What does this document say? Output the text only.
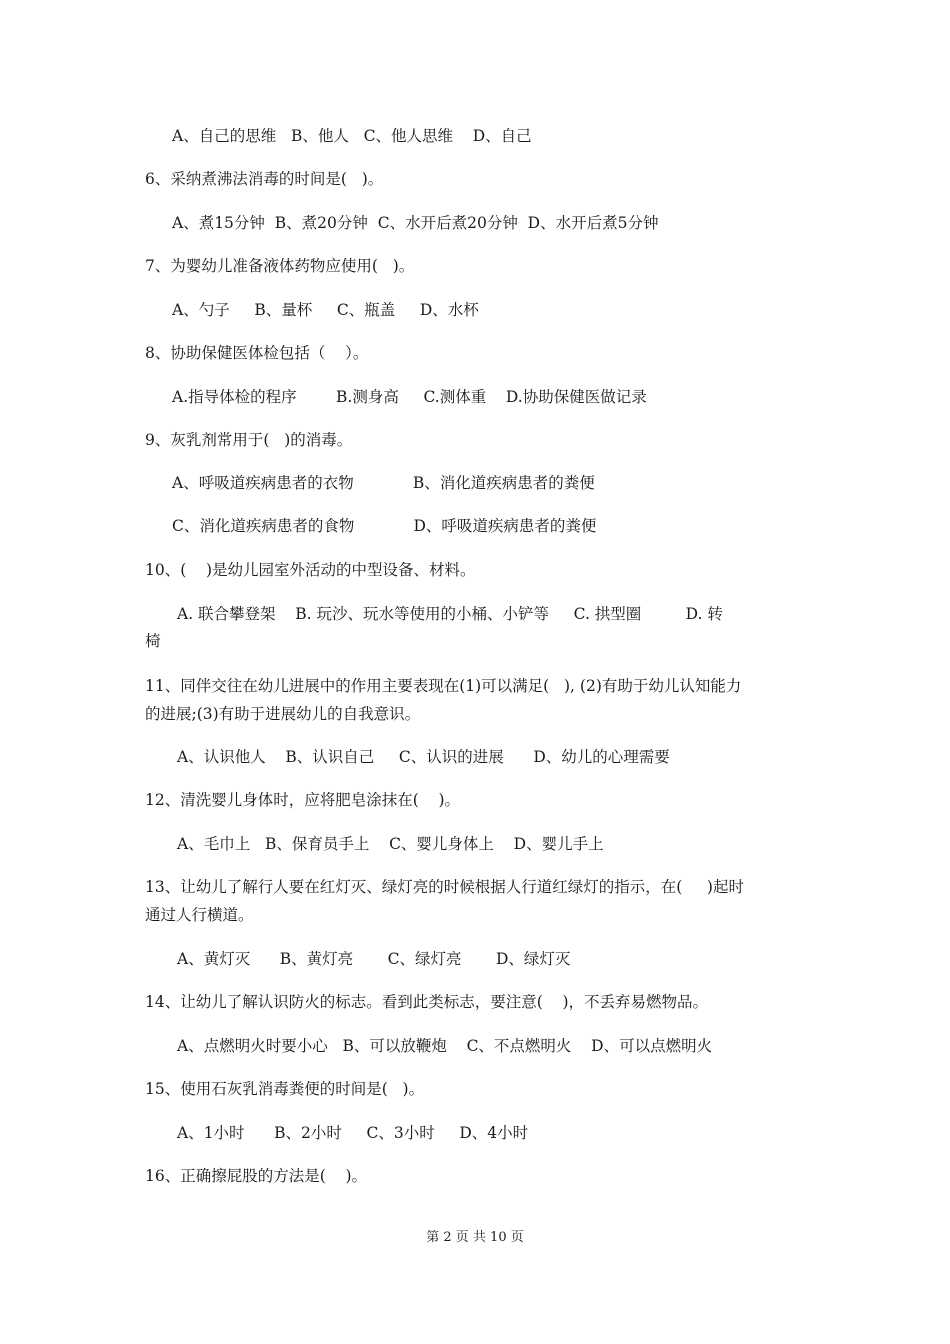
A、自己的思维   B、他人   C、他人思维    D、自己
6、采纳煮沸法消毒的时间是(   )。
A、煮15分钟  B、煮20分钟  C、水开后煮20分钟  D、水开后煮5分钟
7、为婴幼儿准备液体药物应使用(   )。
A、勺子     B、量杯     C、瓶盖     D、水杯
8、协助保健医体检包括（    ）。
A.指导体检的程序        B.测身高     C.测体重    D.协助保健医做记录
9、灰乳剂常用于(   )的消毒。
A、呼吸道疾病患者的衣物            B、消化道疾病患者的粪便
C、消化道疾病患者的食物            D、呼吸道疾病患者的粪便
10、(    )是幼儿园室外活动的中型设备、材料。
A. 联合攀登架    B. 玩沙、玩水等使用的小桶、小铲等     C. 拱型圈         D. 转
椅
11、同伴交往在幼儿进展中的作用主要表现在(1)可以满足(   ), (2)有助于幼儿认知能力
的进展;(3)有助于进展幼儿的自我意识。
A、认识他人    B、认识自己     C、认识的进展      D、幼儿的心理需要
12、清洗婴儿身体时，应将肥皂涂抹在(    )。
A、毛巾上   B、保育员手上    C、婴儿身体上    D、婴儿手上
13、让幼儿了解行人要在红灯灭、绿灯亮的时候根据人行道红绿灯的指示，在(     )起时
通过人行横道。
A、黄灯灭      B、黄灯亮       C、绿灯亮       D、绿灯灭
14、让幼儿了解认识防火的标志。看到此类标志，要注意(    )，不丢弃易燃物品。
A、点燃明火时要小心   B、可以放鞭炮    C、不点燃明火    D、可以点燃明火
15、使用石灰乳消毒粪便的时间是(   )。
A、1小时      B、2小时     C、3小时     D、4小时
16、正确擦屁股的方法是(    )。
第 2 页 共 10 页
